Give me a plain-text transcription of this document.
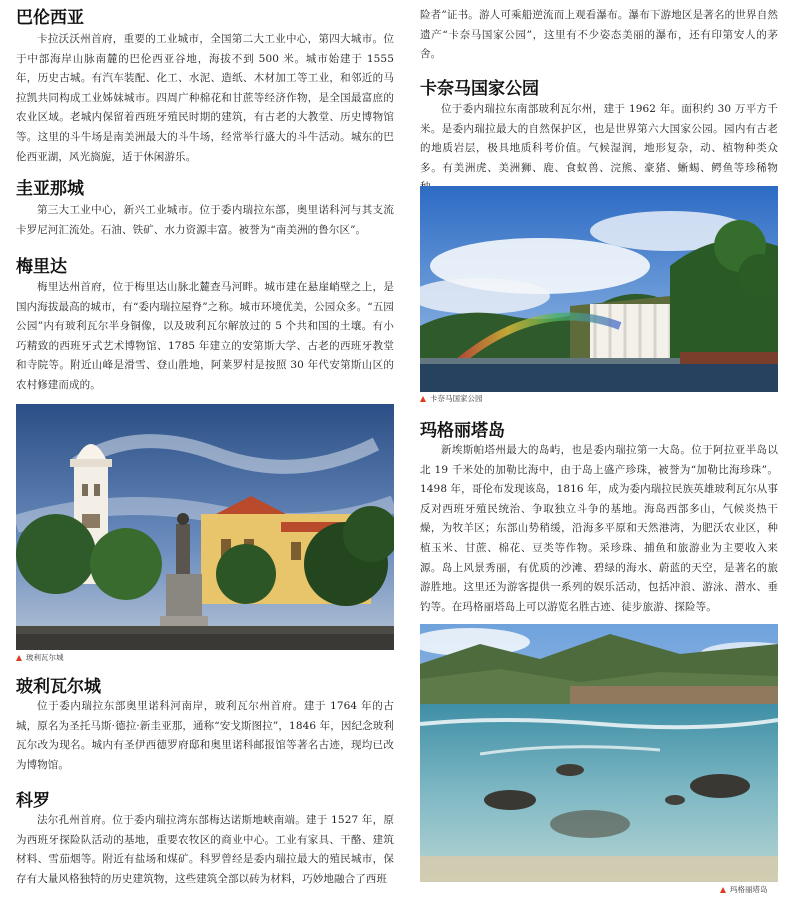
巴伦西亚

卡拉沃沃州首府，重要的工业城市，全国第二大工业中心，第四大城市。位于中部海岸山脉南麓的巴伦西亚谷地，海拔不到 500 米。城市始建于 1555 年，历史古城。有汽车装配、化工、水泥、造纸、木材加工等工业，和邻近的马拉凯共同构成工业姊妹城市。四周广种棉花和甘蔗等经济作物，是全国最富庶的农业区域。老城内保留着西班牙殖民时期的建筑，有古老的大教堂、历史博物馆等。这里的斗牛场是南美洲最大的斗牛场，经常举行盛大的斗牛活动。城东的巴伦西亚湖，风光旖旎，适于休闲游乐。

圭亚那城

第三大工业中心，新兴工业城市。位于委内瑞拉东部，奥里诺科河与其支流卡罗尼河汇流处。石油、铁矿、水力资源丰富。被誉为“南美洲的鲁尔区”。

梅里达

梅里达州首府，位于梅里达山脉北麓查马河畔。城市建在悬崖峭壁之上，是国内海拔最高的城市，有“委内瑞拉屋脊”之称。城市环境优美，公园众多。“五园公园”内有玻利瓦尔半身铜像，以及玻利瓦尔解放过的 5 个共和国的土壤。有小巧精致的西班牙式艺术博物馆、1785 年建立的安第斯大学、古老的西班牙教堂和寺院等。附近山峰是滑雪、登山胜地，阿莱罗村是按照 30 年代安第斯山区的农村修建而成的。

玻利瓦尔城
玻利瓦尔城

位于委内瑞拉东部奥里诺科河南岸，玻利瓦尔州首府。建于 1764 年的古城，原名为圣托马斯·德拉·新圭亚那，通称“安戈斯图拉”，1846 年，因纪念玻利瓦尔改为现名。城内有圣伊西德罗府邸和奥里诺科邮报馆等著名古迹，现均已改为博物馆。

科罗

法尔孔州首府。位于委内瑞拉湾东部梅达诺斯地峡南端。建于 1527 年，原为西班牙探险队活动的基地，重要农牧区的商业中心。工业有家具、干酪、建筑材料、雪茄烟等。附近有盐场和煤矿。科罗曾经是委内瑞拉最大的殖民城市，保存有大量风格独特的历史建筑物，这些建筑全部以砖为材料，巧妙地融合了西班

险者”证书。游人可乘船逆流而上观看瀑布。瀑布下游地区是著名的世界自然遗产“卡奈马国家公园”，这里有不少姿态美丽的瀑布，还有印第安人的茅舍。

卡奈马国家公园

位于委内瑞拉东南部玻利瓦尔州，建于 1962 年。面积约 30 万平方千米。是委内瑞拉最大的自然保护区，也是世界第六大国家公园。园内有古老的地质岩层，极具地质科考价值。气候湿润，地形复杂，动、植物种类众多。有美洲虎、美洲狮、鹿、食蚁兽、浣熊、豪猪、蜥蜴、鳄鱼等珍稀物

卡奈马国家公园
玛格丽塔岛

新埃斯帕塔州最大的岛屿，也是委内瑞拉第一大岛。位于阿拉亚半岛以北 19 千米处的加勒比海中，由于岛上盛产珍珠，被誉为“加勒比海珍珠”。1498 年，哥伦布发现该岛，1816 年，成为委内瑞拉民族英雄玻利瓦尔从事反对西班牙殖民统治、争取独立斗争的基地。海岛西部多山，气候炎热干燥，为牧羊区；东部山势稍缓，沿海多平原和天然港湾，为肥沃农业区，种植玉米、甘蔗、棉花、豆类等作物。采珍珠、捕鱼和旅游业为主要收入来源。岛上风景秀丽，有优质的沙滩、碧绿的海水、蔚蓝的天空，是著名的旅游胜地。这里还为游客提供一系列的娱乐活动，包括冲浪、游泳、潜水、垂钓等。在玛格丽塔岛上可以游览名胜古迹、徒步旅游、探险等。

玛格丽塔岛
